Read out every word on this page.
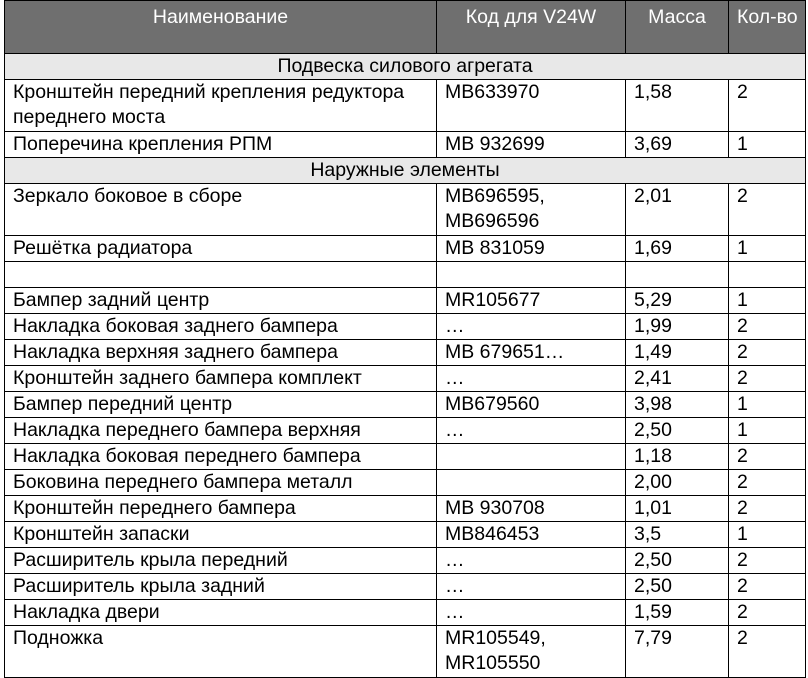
Наименование	Код для V24W	Масса	Кол-во
Подвеска силового агрегата			
Кронштейн передний крепления редуктора переднего моста	MB633970	1,58	2
Поперечина крепления РПМ	MB 932699	3,69	1
Наружные элементы			
Зеркало боковое в сборе	MB696595, MB696596	2,01	2
Решётка радиатора	MB 831059	1,69	1

Бампер задний центр	MR105677	5,29	1
Накладка боковая заднего бампера	…	1,99	2
Накладка верхняя заднего бампера	MB 679651…	1,49	2
Кронштейн заднего бампера комплект	…	2,41	2
Бампер передний центр	MB679560	3,98	1
Накладка переднего бампера верхняя	…	2,50	1
Накладка боковая переднего бампера		1,18	2
Боковина переднего бампера металл		2,00	2
Кронштейн переднего бампера	MB 930708	1,01	2
Кронштейн запаски	MB846453	3,5	1
Расширитель крыла передний	…	2,50	2
Расширитель крыла задний	…	2,50	2
Накладка двери	…	1,59	2
Подножка	MR105549, MR105550	7,79	2
